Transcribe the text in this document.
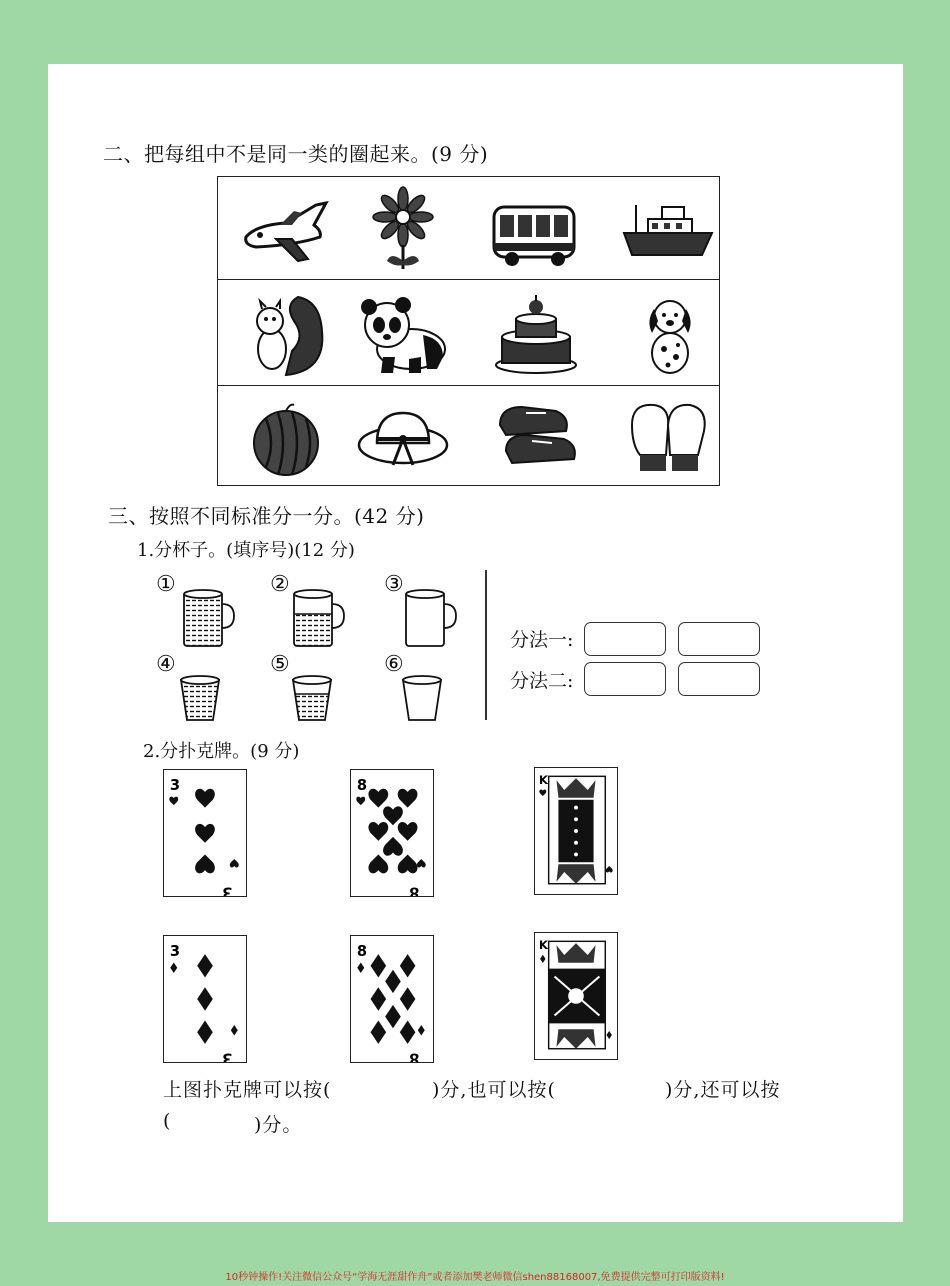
二、把每组中不是同一类的圈起来。(9 分)
三、按照不同标准分一分。(42 分)
1.分杯子。(填序号)(12 分)
①	②	③
④	⑤	⑥
分法一:
分法二:
2.分扑克牌。(9 分)
3
3
8
8
K
3
3
8
8
K
上图扑克牌可以按(	)分,也可以按(	)分,还可以按
(	)分。
10秒钟操作!关注微信公众号“学海无涯甜作舟”或者添加樊老师微信shen88168007,免费提供完整可打印版资料!
